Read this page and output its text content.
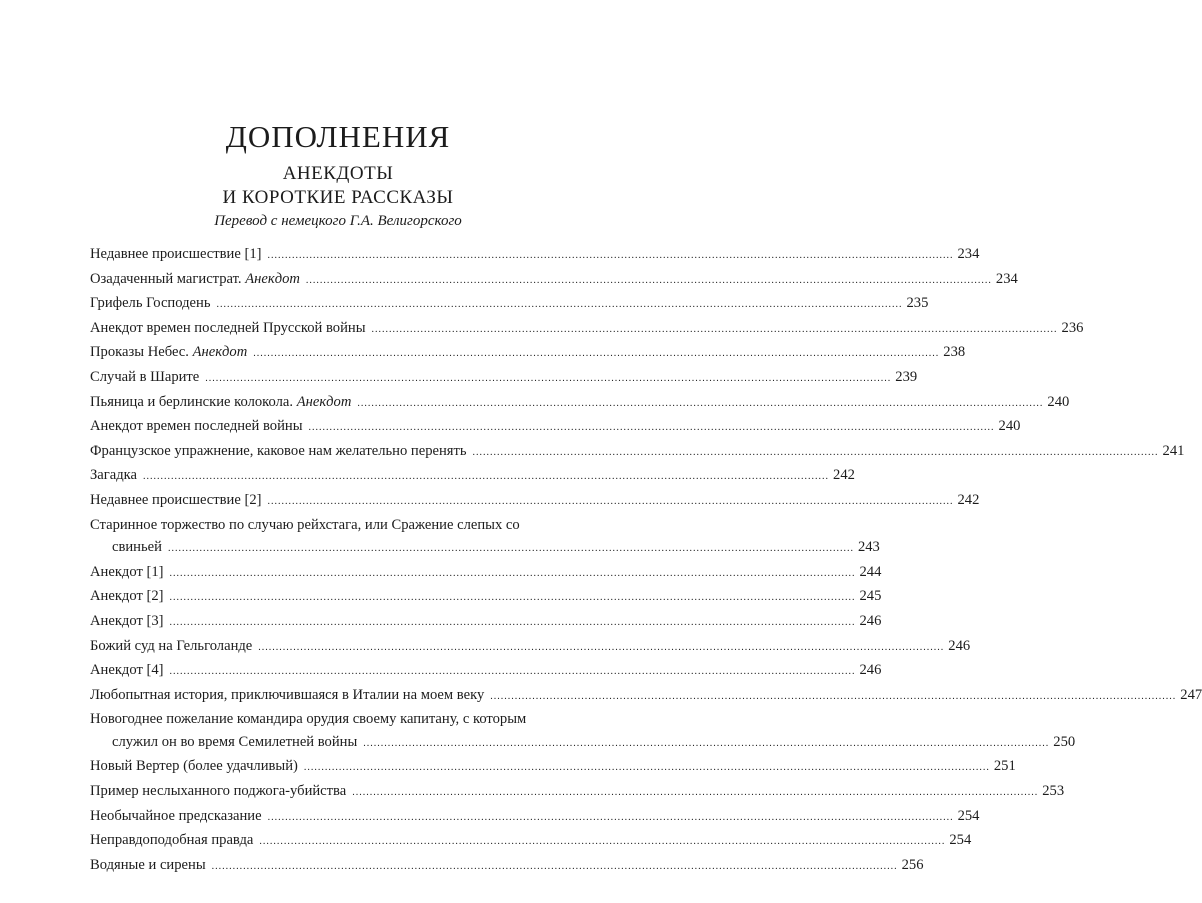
ДОПОЛНЕНИЯ
АНЕКДОТЫ
И КОРОТКИЕ РАССКАЗЫ
Перевод с немецкого Г.А. Велигорского
Недавнее происшествие [1] .................................................................................................................................................................................................... 234
Озадаченный магистрат. Анекдот .................................................................................................................................................................................................... 234
Грифель Господень .................................................................................................................................................................................................... 235
Анекдот времен последней Прусской войны .................................................................................................................................................................................................... 236
Проказы Небес. Анекдот .................................................................................................................................................................................................... 238
Случай в Шарите .................................................................................................................................................................................................... 239
Пьяница и берлинские колокола. Анекдот .................................................................................................................................................................................................... 240
Анекдот времен последней войны .................................................................................................................................................................................................... 240
Французское упражнение, каковое нам желательно перенять .................................................................................................................................................................................................... 241
Загадка .................................................................................................................................................................................................... 242
Недавнее происшествие [2] .................................................................................................................................................................................................... 242
Старинное торжество по случаю рейхстага, или Сражение слепых со
свиньей .................................................................................................................................................................................................... 243
Анекдот [1] .................................................................................................................................................................................................... 244
Анекдот [2] .................................................................................................................................................................................................... 245
Анекдот [3] .................................................................................................................................................................................................... 246
Божий суд на Гельголанде .................................................................................................................................................................................................... 246
Анекдот [4] .................................................................................................................................................................................................... 246
Любопытная история, приключившаяся в Италии на моем веку .................................................................................................................................................................................................... 247
Новогоднее пожелание командира орудия своему капитану, с которым
служил он во время Семилетней войны .................................................................................................................................................................................................... 250
Новый Вертер (более удачливый) .................................................................................................................................................................................................... 251
Пример неслыханного поджога-убийства .................................................................................................................................................................................................... 253
Необычайное предсказание .................................................................................................................................................................................................... 254
Неправдоподобная правда .................................................................................................................................................................................................... 254
Водяные и сирены .................................................................................................................................................................................................... 256
